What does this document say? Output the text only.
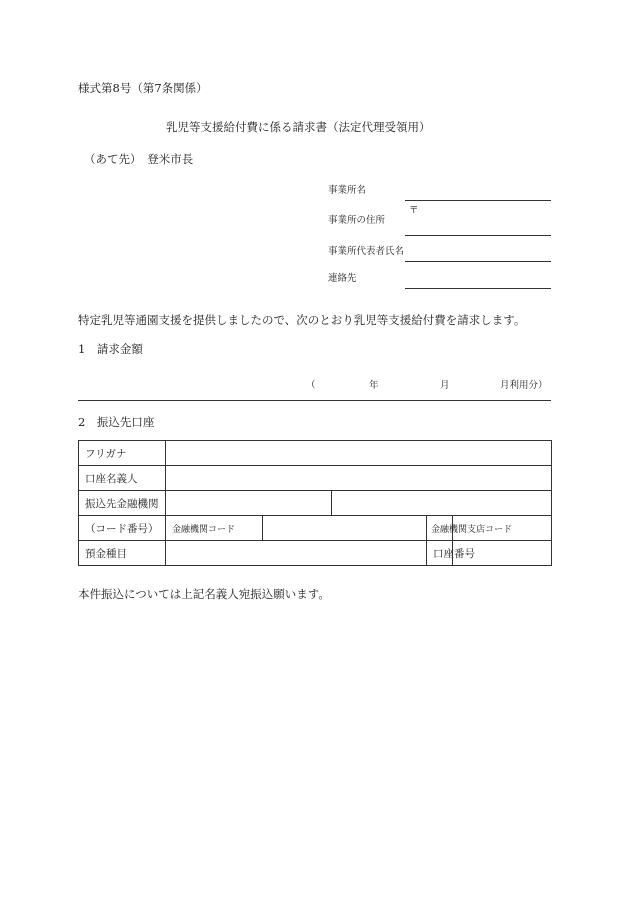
様式第8号（第7条関係）
乳児等支援給付費に係る請求書（法定代理受領用）
（あて先）　登米市長
事業所名
〒
事業所の住所
事業所代表者氏名
連絡先
特定乳児等通園支援を提供しましたので、次のとおり乳児等支援給付費を請求します。
1　請求金額
（	年	月	月利用分）
2　振込先口座
フリガナ					
口座名義人					
振込先金融機関					
（コード番号）	金融機関コード			金融機関支店コード	
預金種目				口座番号	
本件振込については上記名義人宛振込願います。
